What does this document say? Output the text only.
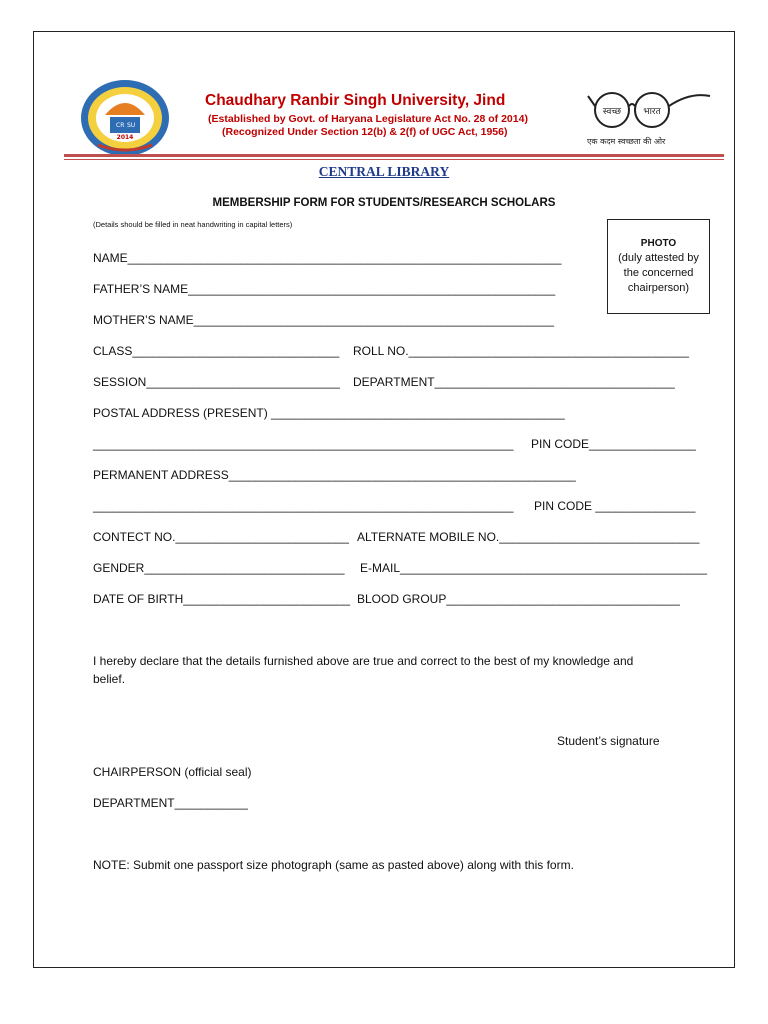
CR SU
2014
Chaudhary Ranbir Singh University, Jind
(Established by Govt. of Haryana Legislature Act No. 28 of 2014)
(Recognized Under Section 12(b) & 2(f) of UGC Act, 1956)
स्वच्छ भारत
एक कदम स्वच्छता की ओर
CENTRAL LIBRARY
MEMBERSHIP FORM FOR STUDENTS/RESEARCH SCHOLARS
(Details should be filled in neat handwriting in capital letters)
PHOTO
(duly attested by
the concerned
chairperson)
NAME_________________________________________________________________
FATHER’S NAME_______________________________________________________
MOTHER’S NAME______________________________________________________
CLASS_______________________________ ROLL NO.__________________________________________
SESSION_____________________________ DEPARTMENT____________________________________
POSTAL ADDRESS (PRESENT) ____________________________________________
_______________________________________________________________ PIN CODE________________
PERMANENT ADDRESS____________________________________________________
_______________________________________________________________ PIN CODE _______________
CONTECT NO.__________________________ ALTERNATE MOBILE NO.______________________________
GENDER______________________________ E-MAIL______________________________________________
DATE OF BIRTH_________________________ BLOOD GROUP___________________________________
I hereby declare that the details furnished above are true and correct to the best of my knowledge and
belief.
Student’s signature
CHAIRPERSON (official seal)
DEPARTMENT___________
NOTE: Submit one passport size photograph (same as pasted above) along with this form.
